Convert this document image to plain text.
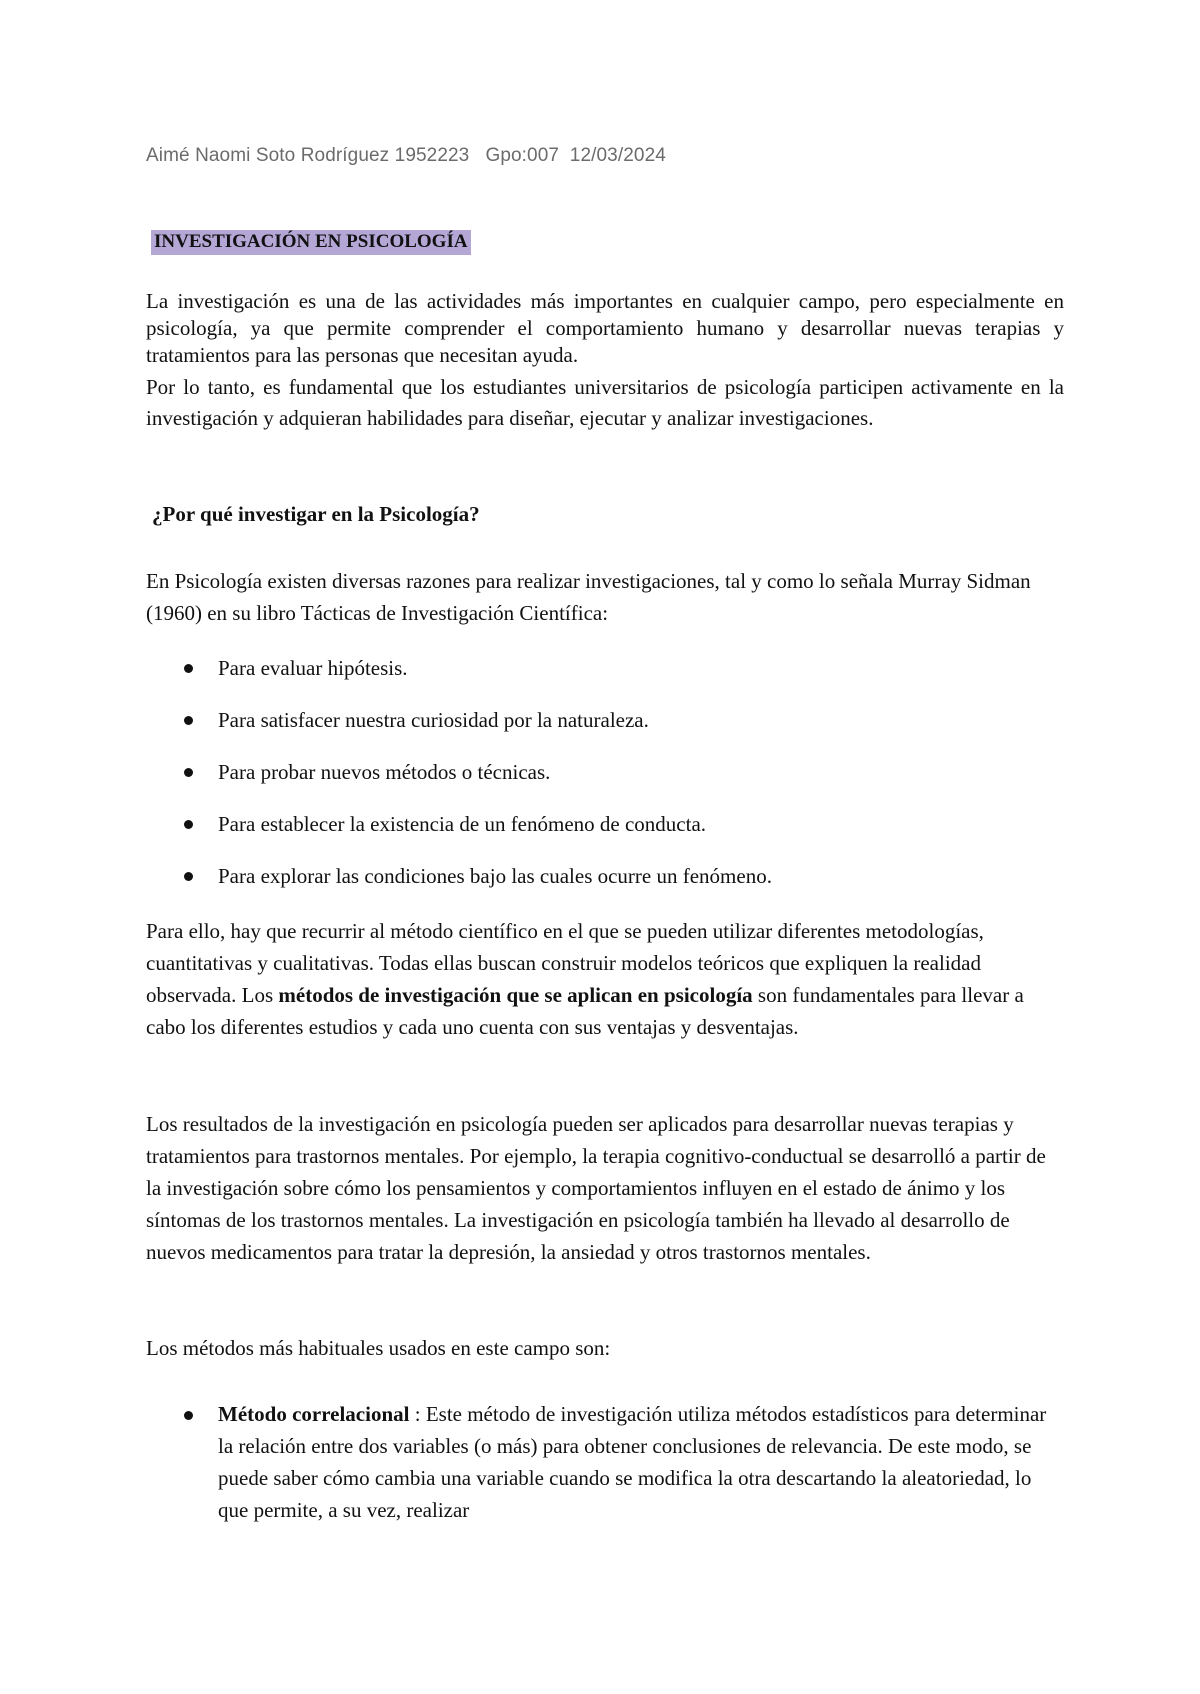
Aimé Naomi Soto Rodríguez 1952223   Gpo:007  12/03/2024
INVESTIGACIÓN EN PSICOLOGÍA

La investigación es una de las actividades más importantes en cualquier campo, pero especialmente en psicología, ya que permite comprender el comportamiento humano y desarrollar nuevas terapias y tratamientos para las personas que necesitan ayuda.

Por lo tanto, es fundamental que los estudiantes universitarios de psicología participen activamente en la investigación y adquieran habilidades para diseñar, ejecutar y analizar investigaciones.

¿Por qué investigar en la Psicología?

En Psicología existen diversas razones para realizar investigaciones, tal y como lo señala Murray Sidman (1960) en su libro Tácticas de Investigación Científica:

Para evaluar hipótesis.
Para satisfacer nuestra curiosidad por la naturaleza.
Para probar nuevos métodos o técnicas.
Para establecer la existencia de un fenómeno de conducta.
Para explorar las condiciones bajo las cuales ocurre un fenómeno.

Para ello, hay que recurrir al método científico en el que se pueden utilizar diferentes metodologías, cuantitativas y cualitativas. Todas ellas buscan construir modelos teóricos que expliquen la realidad observada. Los métodos de investigación que se aplican en psicología son fundamentales para llevar a cabo los diferentes estudios y cada uno cuenta con sus ventajas y desventajas.

Los resultados de la investigación en psicología pueden ser aplicados para desarrollar nuevas terapias y tratamientos para trastornos mentales. Por ejemplo, la terapia cognitivo-conductual se desarrolló a partir de la investigación sobre cómo los pensamientos y comportamientos influyen en el estado de ánimo y los síntomas de los trastornos mentales. La investigación en psicología también ha llevado al desarrollo de nuevos medicamentos para tratar la depresión, la ansiedad y otros trastornos mentales.

Los métodos más habituales usados en este campo son:

Método correlacional : Este método de investigación utiliza métodos estadísticos para determinar la relación entre dos variables (o más) para obtener conclusiones de relevancia. De este modo, se puede saber cómo cambia una variable cuando se modifica la otra descartando la aleatoriedad, lo que permite, a su vez, realizar
